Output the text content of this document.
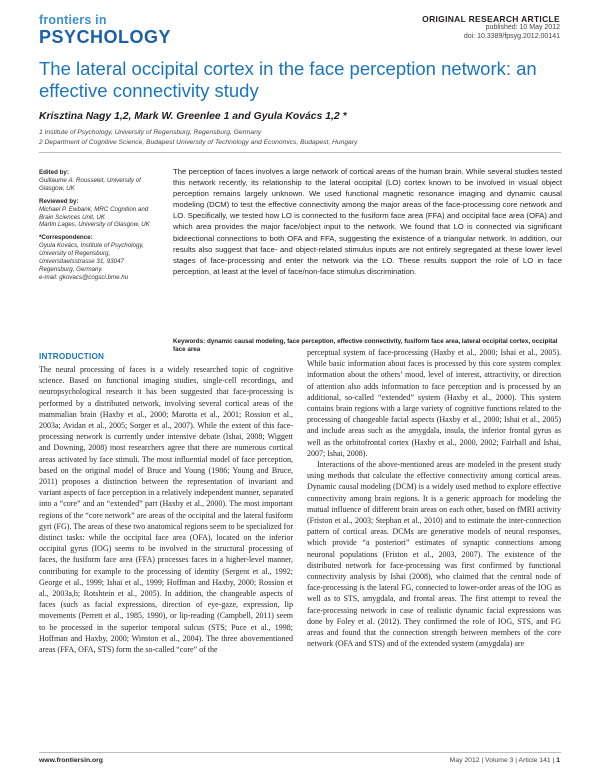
frontiers in
PSYCHOLOGY
ORIGINAL RESEARCH ARTICLE
published: 10 May 2012
doi: 10.3389/fpsyg.2012.00141
The lateral occipital cortex in the face perception network: an effective connectivity study
Krisztina Nagy 1,2, Mark W. Greenlee 1 and Gyula Kovács 1,2 *
1 Institute of Psychology, University of Regensburg, Regensburg, Germany
2 Department of Cognitive Science, Budapest University of Technology and Economics, Budapest, Hungary
Edited by:
Guillaume A. Rousselet, University of Glasgow, UK
Reviewed by:
Michael P. Ewbank, MRC Cognition and Brain Sciences Unit, UK
Martin Lages, University of Glasgow, UK
*Correspondence:
Gyula Kovács, Institute of Psychology, University of Regensburg, Universitaetsstrasse 31, 93047 Regensburg, Germany.
e-mail: gkovacs@cogsci.bme.hu
The perception of faces involves a large network of cortical areas of the human brain. While several studies tested this network recently, its relationship to the lateral occipital (LO) cortex known to be involved in visual object perception remains largely unknown. We used functional magnetic resonance imaging and dynamic causal modeling (DCM) to test the effective connectivity among the major areas of the face-processing core network and LO. Specifically, we tested how LO is connected to the fusiform face area (FFA) and occipital face area (OFA) and which area provides the major face/object input to the network. We found that LO is connected via significant bidirectional connections to both OFA and FFA, suggesting the existence of a triangular network. In addition, our results also suggest that face- and object-related stimulus inputs are not entirely segregated at these lower level stages of face-processing and enter the network via the LO. These results support the role of LO in face perception, at least at the level of face/non-face stimulus discrimination.
Keywords: dynamic causal modeling, face perception, effective connectivity, fusiform face area, lateral occipital cortex, occipital face area
INTRODUCTION

The neural processing of faces is a widely researched topic of cognitive science. Based on functional imaging studies, single-cell recordings, and neuropsychological research it has been suggested that face-processing is performed by a distributed network, involving several cortical areas of the mammalian brain (Haxby et al., 2000; Marotta et al., 2001; Rossion et al., 2003a; Avidan et al., 2005; Sorger et al., 2007). While the extent of this face-processing network is currently under intensive debate (Ishai, 2008; Wiggett and Downing, 2008) most researchers agree that there are numerous cortical areas activated by face stimuli. The most influential model of face perception, based on the original model of Bruce and Young (1986; Young and Bruce, 2011) proposes a distinction between the representation of invariant and variant aspects of face perception in a relatively independent manner, separated into a “core” and an “extended” part (Haxby et al., 2000). The most important regions of the “core network” are areas of the occipital and the lateral fusiform gyri (FG). The areas of these two anatomical regions seem to be specialized for distinct tasks: while the occipital face area (OFA), located on the inferior occipital gyrus (IOG) seems to be involved in the structural processing of faces, the fusiform face area (FFA) processes faces in a higher-level manner, contributing for example to the processing of identity (Sergent et al., 1992; George et al., 1999; Ishai et al., 1999; Hoffman and Haxby, 2000; Rossion et al., 2003a,b; Rotshtein et al., 2005). In addition, the changeable aspects of faces (such as facial expressions, direction of eye-gaze, expression, lip movements (Perrett et al., 1985, 1990), or lip-reading (Campbell, 2011) seem to be processed in the superior temporal sulcus (STS; Puce et al., 1998; Hoffman and Haxby, 2000; Winston et al., 2004). The three abovementioned areas (FFA, OFA, STS) form the so-called “core” of the

perceptual system of face-processing (Haxby et al., 2000; Ishai et al., 2005). While basic information about faces is processed by this core system complex information about the others’ mood, level of interest, attractivity, or direction of attention also adds information to face perception and is processed by an additional, so-called “extended” system (Haxby et al., 2000). This system contains brain regions with a large variety of cognitive functions related to the processing of changeable facial aspects (Haxby et al., 2000; Ishai et al., 2005) and include areas such as the amygdala, insula, the inferior frontal gyrus as well as the orbitofrontal cortex (Haxby et al., 2000, 2002; Fairhall and Ishai, 2007; Ishai, 2008).

Interactions of the above-mentioned areas are modeled in the present study using methods that calculate the effective connectivity among cortical areas. Dynamic causal modeling (DCM) is a widely used method to explore effective connectivity among brain regions. It is a generic approach for modeling the mutual influence of different brain areas on each other, based on fMRI activity (Friston et al., 2003; Stephan et al., 2010) and to estimate the inter-connection pattern of cortical areas. DCMs are generative models of neural responses, which provide “a posteriori” estimates of synaptic connections among neuronal populations (Friston et al., 2003, 2007). The existence of the distributed network for face-processing was first confirmed by functional connectivity analysis by Ishai (2008), who claimed that the central node of face-processing is the lateral FG, connected to lower-order areas of the IOG as well as to STS, amygdala, and frontal areas. The first attempt to reveal the face-processing network in case of realistic dynamic facial expressions was done by Foley et al. (2012). They confirmed the role of IOG, STS, and FG areas and found that the connection strength between members of the core network (OFA and STS) and of the extended system (amygdala) are

www.frontiersin.org	May 2012 | Volume 3 | Article 141 | 1
